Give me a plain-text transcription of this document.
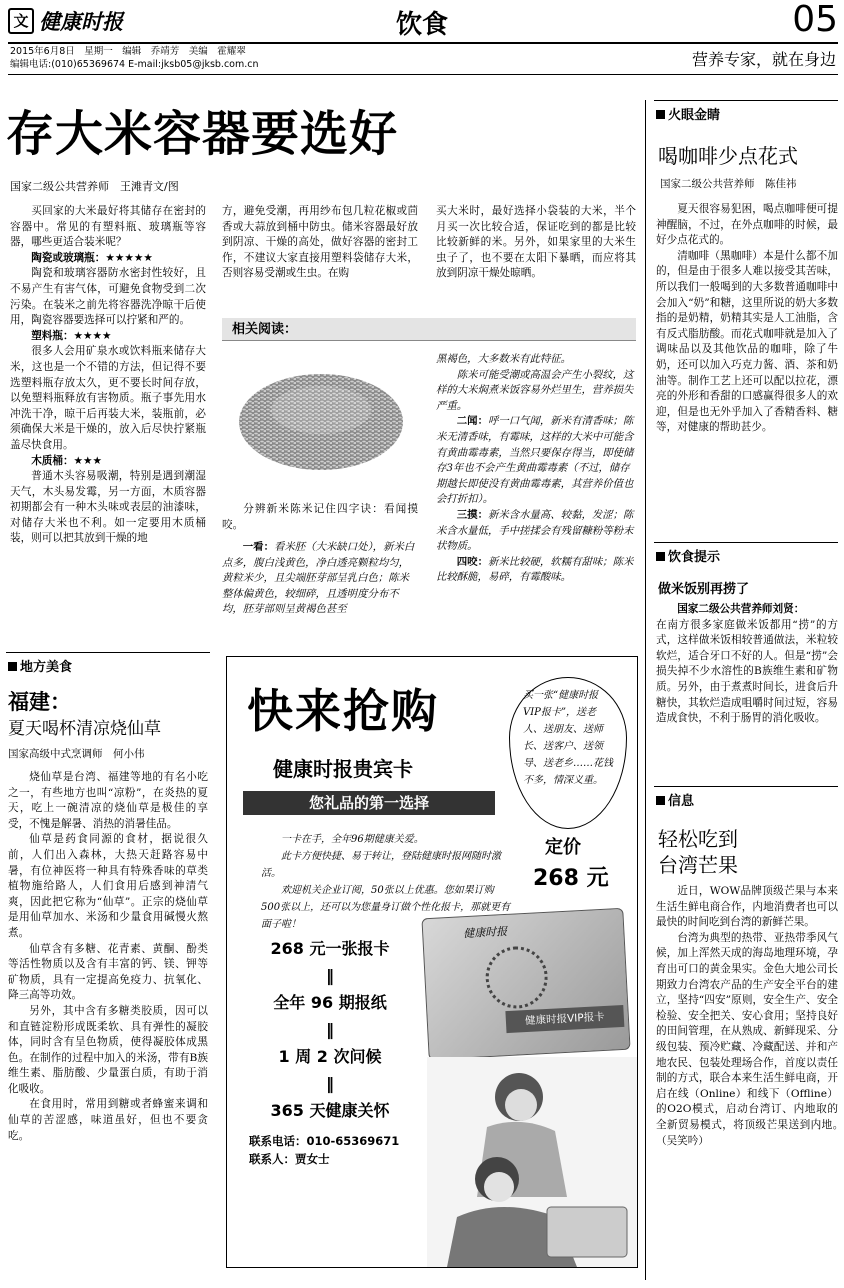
文 健康时报	饮食	05
2015年6月8日　星期一　编辑　乔靖芳　美编　霍耀翠
编辑电话:(010)65369674 E-mail:jksb05@jksb.com.cn	营养专家，就在身边
存大米容器要选好
国家二级公共营养师　王滩青文/图

买回家的大米最好将其储存在密封的容器中。常见的有塑料瓶、玻璃瓶等容器，哪些更适合装米呢？

陶瓷或玻璃瓶：★★★★★

陶瓷和玻璃容器防水密封性较好，且不易产生有害气体，可避免食物受到二次污染。在装米之前先将容器洗净晾干后使用，陶瓷容器要选择可以拧紧和严的。

塑料瓶：★★★★

很多人会用矿泉水或饮料瓶来储存大米，这也是一个不错的方法，但记得不要选塑料瓶存放太久，更不要长时间存放，以免塑料瓶释放有害物质。瓶子事先用水冲洗干净，晾干后再装大米，装瓶前，必须确保大米是干燥的，放入后尽快拧紧瓶盖尽快食用。

木质桶：★★★

普通木头容易吸潮，特别是遇到潮湿天气，木头易发霉，另一方面，木质容器初期都会有一种木头味或表层的油漆味，对储存大米也不利。如一定要用木质桶装，则可以把其放到干燥的地

方，避免受潮，再用纱布包几粒花椒或茴香或大蒜放到桶中防虫。储米容器最好放到阴凉、干燥的高处，做好容器的密封工作，不建议大家直接用塑料袋储存大米，否则容易受潮或生虫。在购

买大米时，最好选择小袋装的大米，半个月买一次比较合适，保证吃到的都是比较比较新鲜的米。另外，如果家里的大米生虫子了，也不要在太阳下暴晒，而应将其放到阴凉干燥处晾晒。

相关阅读：

分辨新米陈米记住四字诀：看闻摸咬。

一看：看米胚（大米缺口处），新米白点多，腹白浅黄色，净白透亮颗粒均匀，黄粒米少，且尖端胚芽部呈乳白色；陈米整体偏黄色，较细碎，且透明度分布不均，胚芽部则呈黄褐色甚至

黑褐色，大多数米有此特征。

陈米可能受潮或高温会产生小裂纹，这样的大米焖煮米饭容易外烂里生，营养损失严重。

二闻：呼一口气闻，新米有清香味；陈米无清香味，有霉味，这样的大米中可能含有黄曲霉毒素，当然只要保存得当，即使储存3年也不会产生黄曲霉毒素（不过，储存期越长即使没有黄曲霉毒素，其营养价值也会打折扣）。

三摸：新米含水量高、较黏，发涩；陈米含水量低，手中搓揉会有残留糠粉等粉末状物质。

四咬：新米比较硬，软糯有甜味；陈米比较酥脆，易碎，有霉酸味。

地方美食
福建：
夏天喝杯清凉烧仙草
国家高级中式烹调师　何小伟

烧仙草是台湾、福建等地的有名小吃之一，有些地方也叫“凉粉”，在炎热的夏天，吃上一碗清凉的烧仙草是极佳的享受，不愧是解暑、消热的消暑佳品。

仙草是药食同源的食材，据说很久前，人们出入森林，大热天赶路容易中暑，有位神医将一种具有特殊香味的草类植物施给路人，人们食用后感到神清气爽，因此把它称为“仙草”。正宗的烧仙草是用仙草加水、米汤和少量食用碱慢火熬煮。

仙草含有多糖、花青素、黄酮、酚类等活性物质以及含有丰富的钙、镁、钾等矿物质，具有一定提高免疫力、抗氧化、降三高等功效。

另外，其中含有多糖类胶质，因可以和直链淀粉形成既柔软、具有弹性的凝胶体，同时含有呈色物质，使得凝胶体成黑色。在制作的过程中加入的米汤，带有B族维生素、脂肪酸、少量蛋白质，有助于消化吸收。

在食用时，常用到糖或者蜂蜜来调和仙草的苦涩感，味道虽好，但也不要贪吃。

快来抢购
健康时报贵宾卡
您礼品的第一选择
买一张“健康时报VIP报卡”，送老人、送朋友、送师长、送客户、送领导、送老乡……花钱不多，情深义重。
定价
268 元
一卡在手，全年96期健康关爱。
此卡方便快捷、易于转让，登陆健康时报网随时激活。
欢迎机关企业订阅，50张以上优惠。您如果订购500张以上，还可以为您量身订做个性化报卡，那就更有面子啦！
268 元一张报卡
‖
全年 96 期报纸
‖
1 周 2 次问候
‖
365 天健康关怀
联系电话：010-65369671
联系人：贾女士
健康时报
健康时报VIP报卡
火眼金睛
喝咖啡少点花式
国家二级公共营养师　陈佳祎

夏天很容易犯困，喝点咖啡便可提神醒脑，不过，在外点咖啡的时候，最好少点花式的。

清咖啡（黑咖啡）本是什么都不加的，但是由于很多人难以接受其苦味，所以我们一般喝到的大多数普通咖啡中会加入“奶”和糖，这里所说的奶大多数指的是奶精，奶精其实是人工油脂，含有反式脂肪酸。而花式咖啡就是加入了调味品以及其他饮品的咖啡，除了牛奶，还可以加入巧克力酱、酒、茶和奶油等。制作工艺上还可以配以拉花，漂亮的外形和香甜的口感赢得很多人的欢迎，但是也无外乎加入了香精香料、糖等，对健康的帮助甚少。

饮食提示
做米饭别再捞了

国家二级公共营养师刘贤：

在南方很多家庭做米饭都用“捞”的方式，这样做米饭相较普通做法，米粒较软烂，适合牙口不好的人。但是“捞”会损失掉不少水溶性的B族维生素和矿物质。另外，由于煮煮时间长，进食后升糖快，其软烂造成咀嚼时间过短，容易造成食快，不利于肠胃的消化吸收。

信息
轻松吃到
台湾芒果

近日，WOW品牌顶级芒果与本来生活生鲜电商合作，内地消费者也可以最快的时间吃到台湾的新鲜芒果。

台湾为典型的热带、亚热带季风气候，加上浑然天成的海岛地理环境，孕育出可口的黄金果实。金色大地公司长期致力台湾农产品的生产安全平台的建立，坚持“四安”原则，安全生产、安全检验、安全把关、安心食用；坚持良好的田间管理，在从熟成、新鲜现采、分级包装、预冷贮藏、冷藏配送、并和产地农民、包装处理场合作，首度以责任制的方式，联合本来生活生鲜电商，开启在线（Online）和线下（Offline）的O2O模式，启动台湾订、内地取的全新贸易模式，将顶级芒果送到内地。　（吴笑吟）
